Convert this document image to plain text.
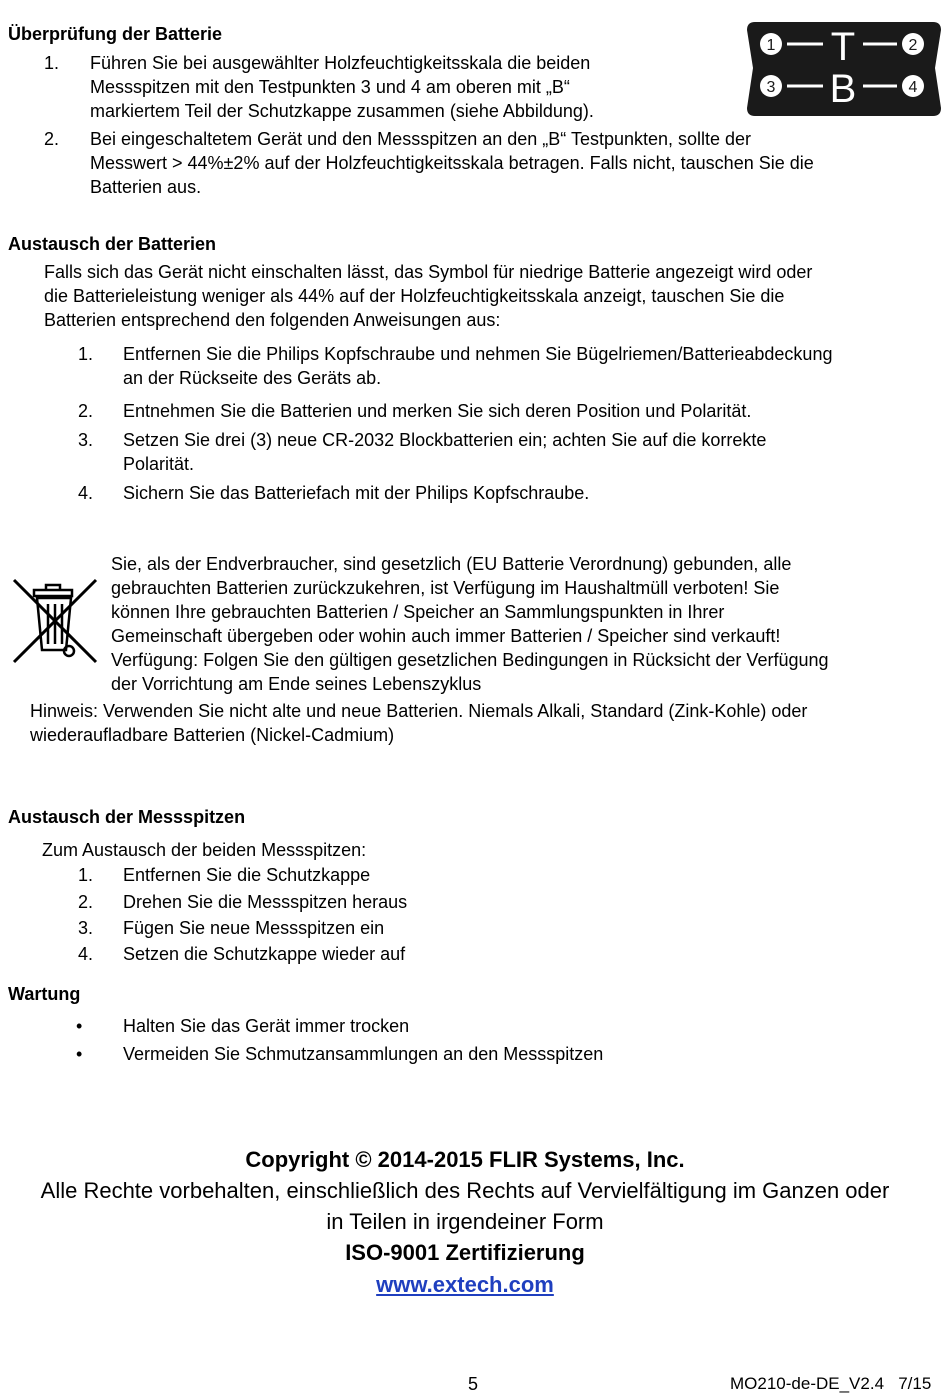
Überprüfung der Batterie
1.	Führen Sie bei ausgewählter Holzfeuchtigkeitsskala die beiden
Messspitzen mit den Testpunkten 3 und 4 am oberen mit „B“
markiertem Teil der Schutzkappe zusammen (siehe Abbildung).
2.	Bei eingeschaltetem Gerät und den Messspitzen an den „B“ Testpunkten, sollte der
Messwert > 44%±2% auf der Holzfeuchtigkeitsskala betragen. Falls nicht, tauschen Sie die
Batterien aus.
1 T	2
3 B	4
Austausch der Batterien
Falls sich das Gerät nicht einschalten lässt, das Symbol für niedrige Batterie angezeigt wird oder
die Batterieleistung weniger als 44% auf der Holzfeuchtigkeitsskala anzeigt, tauschen Sie die
Batterien entsprechend den folgenden Anweisungen aus:
1.	Entfernen Sie die Philips Kopfschraube und nehmen Sie Bügelriemen/Batterieabdeckung
an der Rückseite des Geräts ab.
2.	Entnehmen Sie die Batterien und merken Sie sich deren Position und Polarität.
3.	Setzen Sie drei (3) neue CR-2032 Blockbatterien ein; achten Sie auf die korrekte
Polarität.
4.	Sichern Sie das Batteriefach mit der Philips Kopfschraube.
Sie, als der Endverbraucher, sind gesetzlich (EU Batterie Verordnung) gebunden, alle
gebrauchten Batterien zurückzukehren, ist Verfügung im Haushaltmüll verboten! Sie
können Ihre gebrauchten Batterien / Speicher an Sammlungspunkten in Ihrer
Gemeinschaft übergeben oder wohin auch immer Batterien / Speicher sind verkauft!
Verfügung: Folgen Sie den gültigen gesetzlichen Bedingungen in Rücksicht der Verfügung
der Vorrichtung am Ende seines Lebenszyklus
Hinweis: Verwenden Sie nicht alte und neue Batterien. Niemals Alkali, Standard (Zink-Kohle) oder
wiederaufladbare Batterien (Nickel-Cadmium)
Austausch der Messspitzen
Zum Austausch der beiden Messspitzen:
1.	Entfernen Sie die Schutzkappe
2.	Drehen Sie die Messspitzen heraus
3.	Fügen Sie neue Messspitzen ein
4.	Setzen die Schutzkappe wieder auf
Wartung
•	Halten Sie das Gerät immer trocken
•	Vermeiden Sie Schmutzansammlungen an den Messspitzen
Copyright © 2014-2015 FLIR Systems, Inc.
Alle Rechte vorbehalten, einschließlich des Rechts auf Vervielfältigung im Ganzen oder
in Teilen in irgendeiner Form
ISO-9001 Zertifizierung
www.extech.com
5	MO210-de-DE_V2.4   7/15
